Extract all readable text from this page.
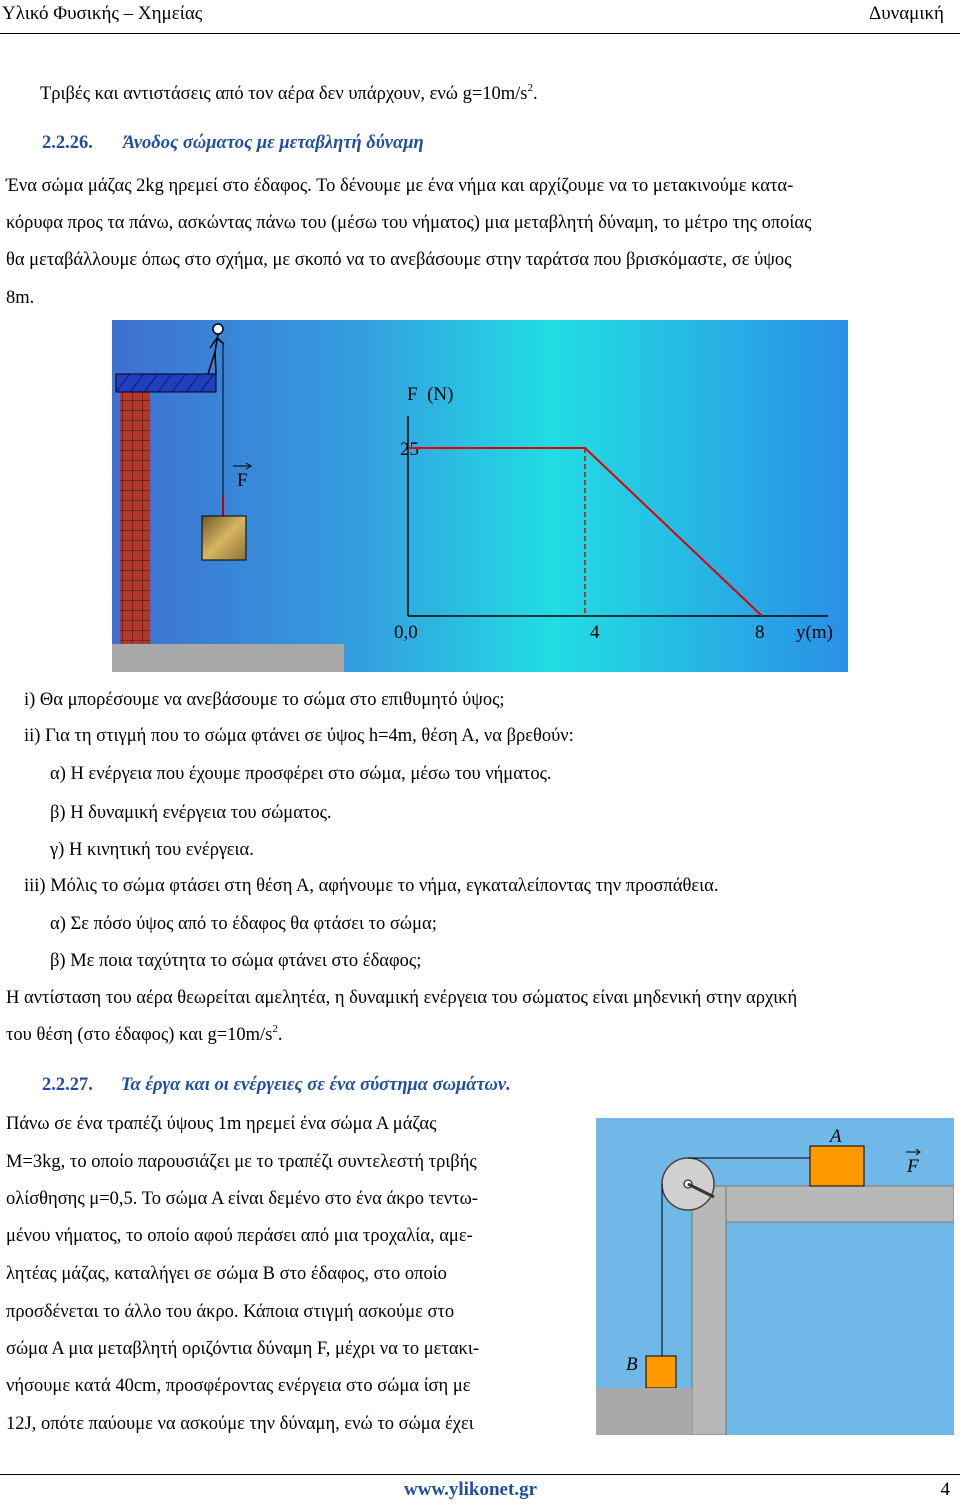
Υλικό Φυσικής – Χημείας	Δυναμική
Τριβές και αντιστάσεις από τον αέρα δεν υπάρχουν, ενώ $g=10m/s^2$.
2.2.26. Άνοδος σώματος με μεταβλητή δύναμη
Ένα σώμα μάζας 2kg ηρεμεί στο έδαφος. Το δένουμε με ένα νήμα και αρχίζουμε να το μετακινούμε κατα-
κόρυφα προς τα πάνω, ασκώντας πάνω του (μέσω του νήματος) μια μεταβλητή δύναμη, το μέτρο της οποίας
θα μεταβάλλουμε όπως στο σχήμα, με σκοπό να το ανεβάσουμε στην ταράτσα που βρισκόμαστε, σε ύψος
8m.
F
F  (N)
25
0,0	4	8 y(m)
i) Θα μπορέσουμε να ανεβάσουμε το σώμα στο επιθυμητό ύψος;
ii) Για τη στιγμή που το σώμα φτάνει σε ύψος h=4m, θέση Α, να βρεθούν:
α) Η ενέργεια που έχουμε προσφέρει στο σώμα, μέσω του νήματος.
β) Η δυναμική ενέργεια του σώματος.
γ) Η κινητική του ενέργεια.
iii) Μόλις το σώμα φτάσει στη θέση Α, αφήνουμε το νήμα, εγκαταλείποντας την προσπάθεια.
α) Σε πόσο ύψος από το έδαφος θα φτάσει το σώμα;
β) Με ποια ταχύτητα το σώμα φτάνει στο έδαφος;
Η αντίσταση του αέρα θεωρείται αμελητέα, η δυναμική ενέργεια του σώματος είναι μηδενική στην αρχική
του θέση (στο έδαφος) και $g=10m/s^2$.
2.2.27. Τα έργα και οι ενέργειες σε ένα σύστημα σωμάτων.
Πάνω σε ένα τραπέζι ύψους 1m ηρεμεί ένα σώμα Α μάζας
Μ=3kg, το οποίο παρουσιάζει με το τραπέζι συντελεστή τριβής
ολίσθησης μ=0,5. Το σώμα Α είναι δεμένο στο ένα άκρο τεντω-
μένου νήματος, το οποίο αφού περάσει από μια τροχαλία, αμε-
λητέας μάζας, καταλήγει σε σώμα Β στο έδαφος, στο οποίο
προσδένεται το άλλο του άκρο. Κάποια στιγμή ασκούμε στο
σώμα Α μια μεταβλητή οριζόντια δύναμη F, μέχρι να το μετακι-
νήσουμε κατά 40cm, προσφέροντας ενέργεια στο σώμα ίση με
12J, οπότε παύουμε να ασκούμε την δύναμη, ενώ το σώμα έχει
A
F
B
www.ylikonet.gr	4
